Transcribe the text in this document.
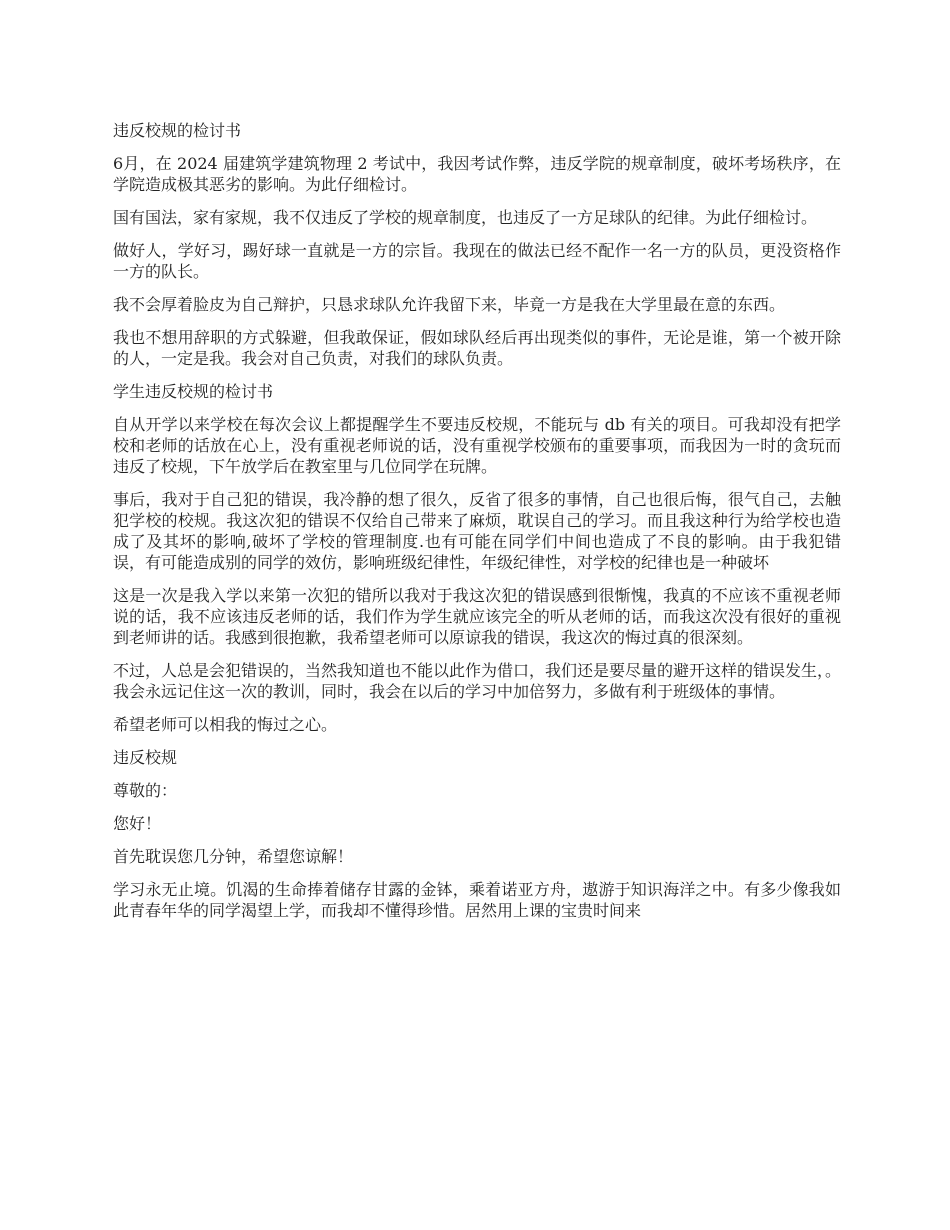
违反校规的检讨书

6月，在 2024 届建筑学建筑物理 2 考试中，我因考试作弊，违反学院的规章制度，破坏考场秩序，在学院造成极其恶劣的影响。为此仔细检讨。

国有国法，家有家规，我不仅违反了学校的规章制度，也违反了一方足球队的纪律。为此仔细检讨。

做好人，学好习，踢好球一直就是一方的宗旨。我现在的做法已经不配作一名一方的队员，更没资格作一方的队长。

我不会厚着脸皮为自己辩护，只恳求球队允许我留下来，毕竟一方是我在大学里最在意的东西。

我也不想用辞职的方式躲避，但我敢保证，假如球队经后再出现类似的事件，无论是谁，第一个被开除的人，一定是我。我会对自己负责，对我们的球队负责。

学生违反校规的检讨书

自从开学以来学校在每次会议上都提醒学生不要违反校规，不能玩与 db 有关的项目。可我却没有把学校和老师的话放在心上，没有重视老师说的话，没有重视学校颁布的重要事项，而我因为一时的贪玩而违反了校规，下午放学后在教室里与几位同学在玩牌。

事后，我对于自己犯的错误，我冷静的想了很久，反省了很多的事情，自己也很后悔，很气自己，去触犯学校的校规。我这次犯的错误不仅给自己带来了麻烦，耽误自己的学习。而且我这种行为给学校也造成了及其坏的影响,破坏了学校的管理制度.也有可能在同学们中间也造成了不良的影响。由于我犯错误，有可能造成别的同学的效仿，影响班级纪律性，年级纪律性，对学校的纪律也是一种破坏

这是一次是我入学以来第一次犯的错所以我对于我这次犯的错误感到很惭愧，我真的不应该不重视老师说的话，我不应该违反老师的话，我们作为学生就应该完全的听从老师的话，而我这次没有很好的重视到老师讲的话。我感到很抱歉，我希望老师可以原谅我的错误，我这次的悔过真的很深刻。

不过，人总是会犯错误的，当然我知道也不能以此作为借口，我们还是要尽量的避开这样的错误发生，。我会永远记住这一次的教训，同时，我会在以后的学习中加倍努力，多做有利于班级体的事情。

希望老师可以相我的悔过之心。

违反校规

尊敬的：

您好！

首先耽误您几分钟，希望您谅解！

学习永无止境。饥渴的生命捧着储存甘露的金钵，乘着诺亚方舟，遨游于知识海洋之中。有多少像我如此青春年华的同学渴望上学，而我却不懂得珍惜。居然用上课的宝贵时间来
